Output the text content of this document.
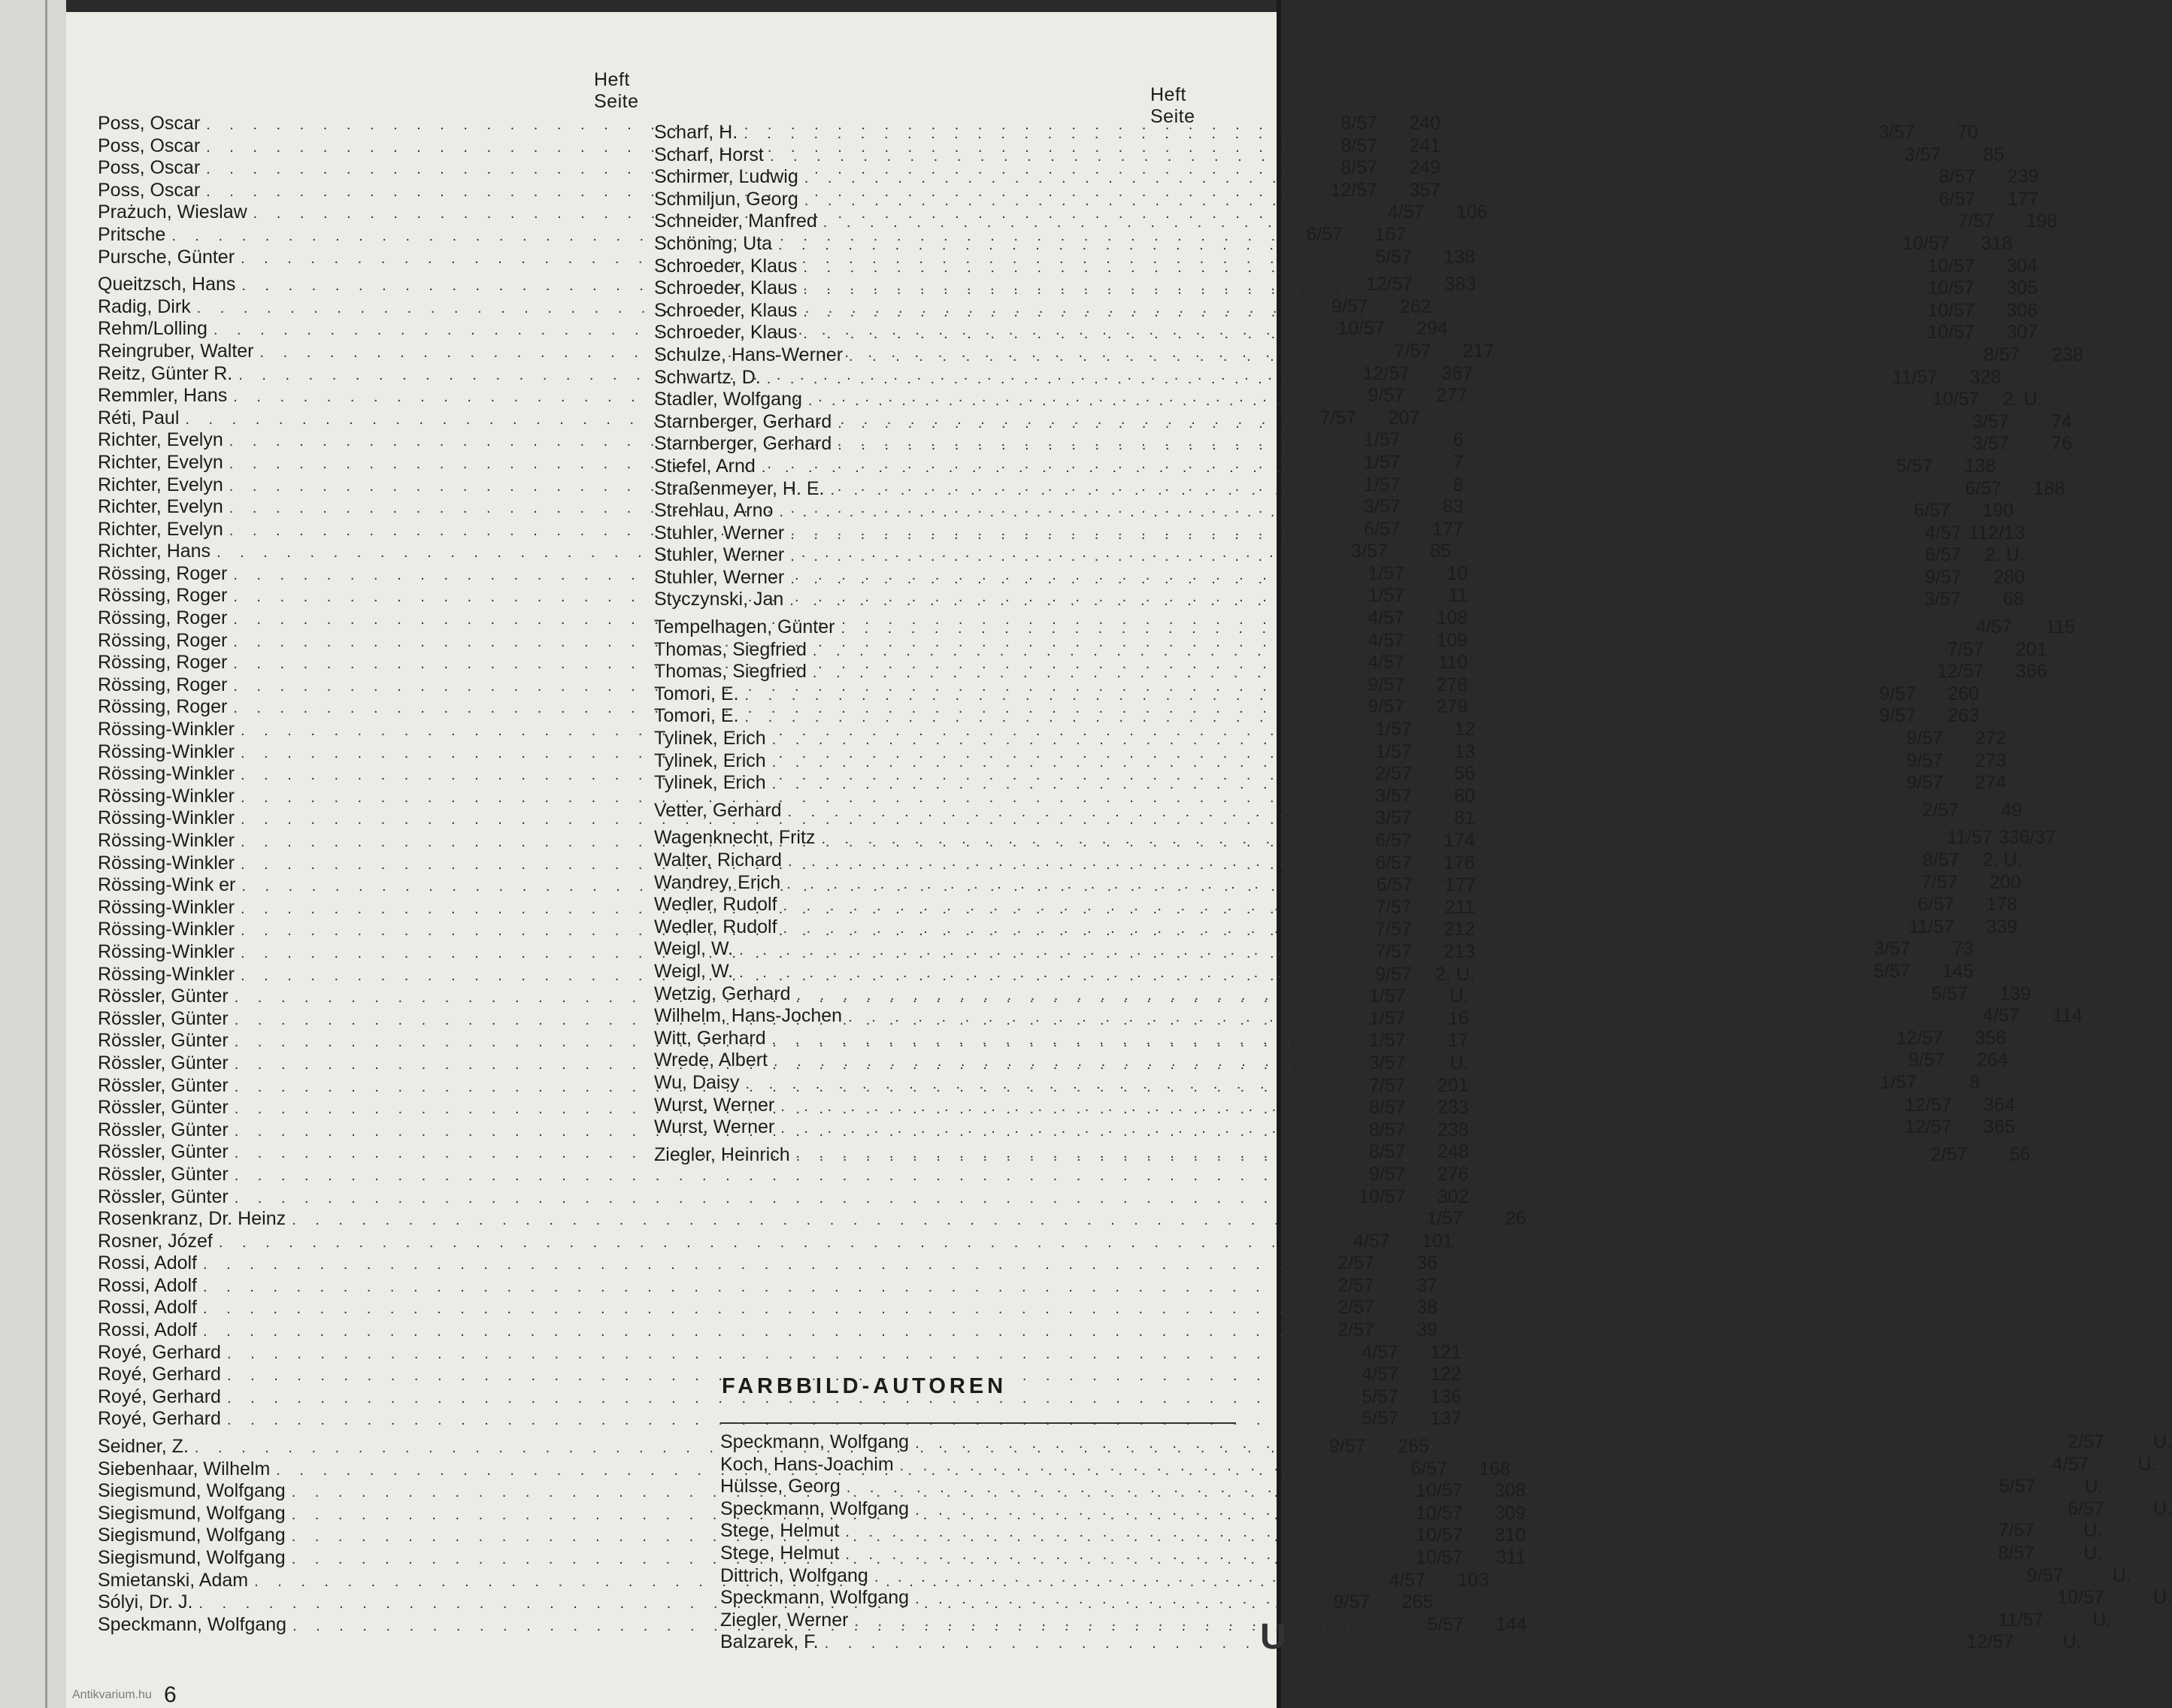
HeftSeite
Poss, Oscar . . .	8/57	240
Poss, Oscar . . .	8/57	241
Poss, Oscar . . .	8/57	249
Poss, Oscar . . .	12/57	357
Prażuch, Wieslaw . . .	4/57	106
Pritsche . . .	6/57	167
Pursche, Günter . . .	5/57	138
Queitzsch, Hans . . .	12/57	383
Radig, Dirk . . .	9/57	262
Rehm/Lolling . . .	10/57	294
Reingruber, Walter . . .	7/57	217
Reitz, Günter R. . . .	12/57	367
Remmler, Hans . . .	9/57	277
Réti, Paul . . .	7/57	207
Richter, Evelyn . . .	1/57	6
Richter, Evelyn . . .	1/57	7
Richter, Evelyn . . .	1/57	8
Richter, Evelyn . . .	3/57	83
Richter, Evelyn . . .	6/57	177
Richter, Hans . . .	3/57	85
Rössing, Roger . . .	1/57	10
Rössing, Roger . . .	1/57	11
Rössing, Roger . . .	4/57	108
Rössing, Roger . . .	4/57	109
Rössing, Roger . . .	4/57	110
Rössing, Roger . . .	9/57	278
Rössing, Roger . . .	9/57	279
Rössing-Winkler . . .	1/57	12
Rössing-Winkler . . .	1/57	13
Rössing-Winkler . . .	2/57	56
Rössing-Winkler . . .	3/57	80
Rössing-Winkler . . .	3/57	81
Rössing-Winkler . . .	6/57	174
Rössing-Winkler . . .	6/57	176
Rössing-Wink er . . .	6/57	177
Rössing-Winkler . . .	7/57	211
Rössing-Winkler . . .	7/57	212
Rössing-Winkler . . .	7/57	213
Rössing-Winkler . . .	9/57	2. U.
Rössler, Günter . . .	1/57	U.
Rössler, Günter . . .	1/57	16
Rössler, Günter . . .	1/57	17
Rössler, Günter . . .	3/57	U.
Rössler, Günter . . .	7/57	201
Rössler, Günter . . .	8/57	233
Rössler, Günter . . .	8/57	238
Rössler, Günter . . .	8/57	248
Rössler, Günter . . .	9/57	276
Rössler, Günter . . .	10/57	302
Rosenkranz, Dr. Heinz . . .	1/57	26
Rosner, Józef . . .	4/57	101
Rossi, Adolf . . .	2/57	36
Rossi, Adolf . . .	2/57	37
Rossi, Adolf . . .	2/57	38
Rossi, Adolf . . .	2/57	39
Royé, Gerhard . . .	4/57	121
Royé, Gerhard . . .	4/57	122
Royé, Gerhard . . .	5/57	136
Royé, Gerhard . . .	5/57	137
Seidner, Z. . . .	9/57	265
Siebenhaar, Wilhelm . . .	6/57	168
Siegismund, Wolfgang . . .	10/57	308
Siegismund, Wolfgang . . .	10/57	309
Siegismund, Wolfgang . . .	10/57	310
Siegismund, Wolfgang . . .	10/57	311
Smietanski, Adam . . .	4/57	103
Sólyi, Dr. J. . . .	9/57	265
Speckmann, Wolfgang . . .	5/57	144
HeftSeite
Scharf, H. . . .	3/57	70
Scharf, Horst . . .	3/57	85
Schirmer, Ludwig . . .	8/57	239
Schmiljun, Georg . . .	6/57	177
Schneider, Manfred . . .	7/57	198
Schöning, Uta . . .	10/57	318
Schroeder, Klaus . . .	10/57	304
Schroeder, Klaus . . .	10/57	305
Schroeder, Klaus . . .	10/57	306
Schroeder, Klaus . . .	10/57	307
Schulze, Hans-Werner . . .	8/57	238
Schwartz, D. . . .	11/57	328
Stadler, Wolfgang . . .	10/57	2. U.
Starnberger, Gerhard . . .	3/57	74
Starnberger, Gerhard . . .	3/57	76
Stiefel, Arnd . . .	5/57	138
Straßenmeyer, H. E. . . .	6/57	188
Strehlau, Arno . . .	6/57	190
Stuhler, Werner . . .	4/57 112/13
Stuhler, Werner . . .	6/57	2. U.
Stuhler, Werner . . .	9/57	280
Styczynski, Jan . . .	3/57	68
Tempelhagen, Günter . . .	4/57	115
Thomas, Siegfried . . .	7/57	201
Thomas, Siegfried . . .	12/57	366
Tomori, E. . . .	9/57	260
Tomori, E. . . .	9/57	263
Tylinek, Erich . . .	9/57	272
Tylinek, Erich . . .	9/57	273
Tylinek, Erich . . .	9/57	274
Vetter, Gerhard . . .	2/57	49
Wagenknecht, Fritz . . .	11/57 336/37
Walter, Richard . . .	8/57	2. U.
Wandrey, Erich . . .	7/57	200
Wedler, Rudolf . . .	6/57	178
Wedler, Rudolf . . .	11/57	339
Weigl, W. . . .	3/57	73
Weigl, W. . . .	5/57	145
Wetzig, Gerhard . . .	5/57	139
Wilhelm, Hans-Jochen . . .	4/57	114
Witt, Gerhard . . .	12/57	356
Wrede, Albert . . .	9/57	264
Wu, Daisy . . .	1/57	8
Wurst, Werner . . .	12/57	364
Wurst, Werner . . .	12/57	365
Ziegler, Heinrich . . .	2/57	56
FARBBILD-AUTOREN
Speckmann, Wolfgang . . .	2/57	U.
Koch, Hans-Joachim . . .	4/57	U.
Hülsse, Georg . . .	5/57	U.
Speckmann, Wolfgang . . .	6/57	U.
Stege, Helmut . . .	7/57	U.
Stege, Helmut . . .	8/57	U.
Dittrich, Wolfgang . . .	9/57	U.
Speckmann, Wolfgang . . .	10/57	U.
Ziegler, Werner . . .	11/57	U.
Balzarek, F. . . .	12/57	U.
6
Antikvarium.hu
U
